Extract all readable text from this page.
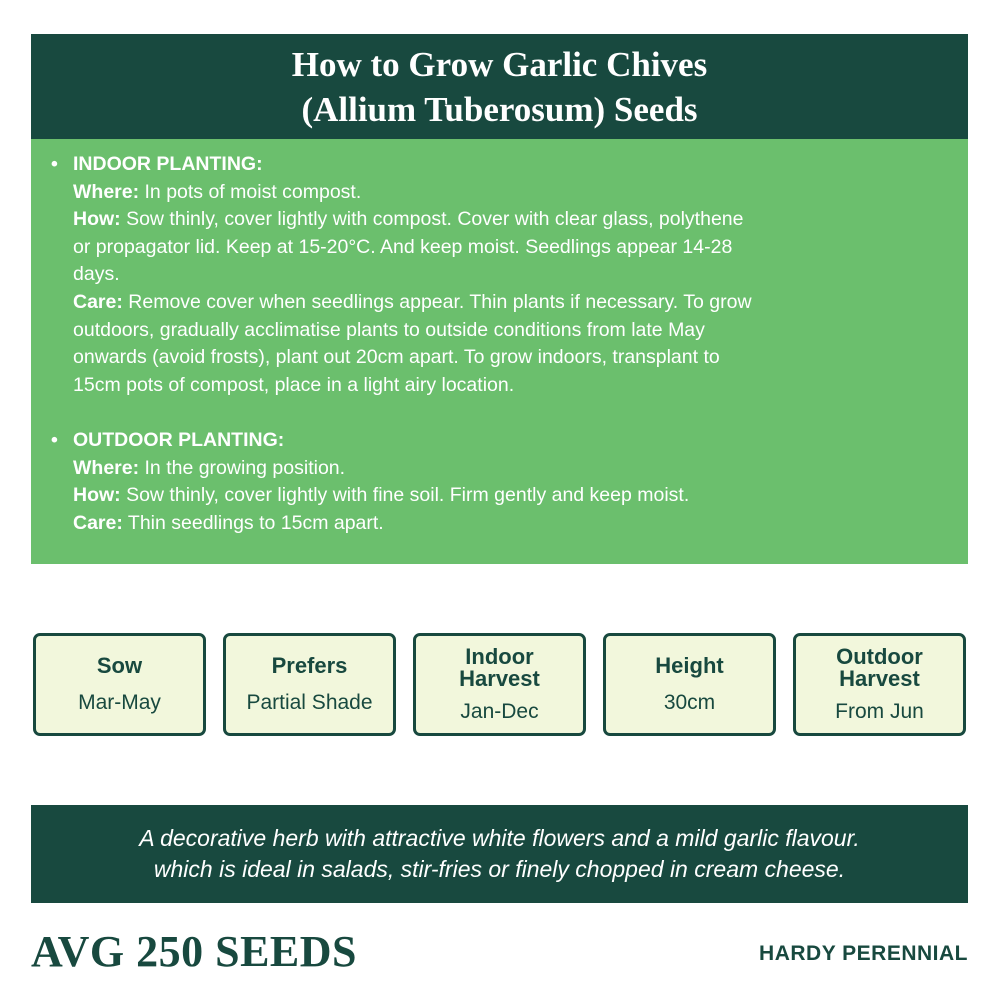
How to Grow Garlic Chives
(Allium Tuberosum) Seeds
• INDOOR PLANTING:
Where: In pots of moist compost.
How: Sow thinly, cover lightly with compost. Cover with clear glass, polythene
or propagator lid. Keep at 15-20°C. And keep moist. Seedlings appear 14-28
days.
Care: Remove cover when seedlings appear. Thin plants if necessary. To grow
outdoors, gradually acclimatise plants to outside conditions from late May
onwards (avoid frosts), plant out 20cm apart. To grow indoors, transplant to
15cm pots of compost, place in a light airy location.
• OUTDOOR PLANTING:
Where: In the growing position.
How: Sow thinly, cover lightly with fine soil. Firm gently and keep moist.
Care: Thin seedlings to 15cm apart.
Sow
Mar-May
Prefers
Partial Shade
Indoor
Harvest
Jan-Dec
Height
30cm
Outdoor
Harvest
From Jun
A decorative herb with attractive white flowers and a mild garlic flavour.
which is ideal in salads, stir-fries or finely chopped in cream cheese.
AVG 250 SEEDS	HARDY PERENNIAL
